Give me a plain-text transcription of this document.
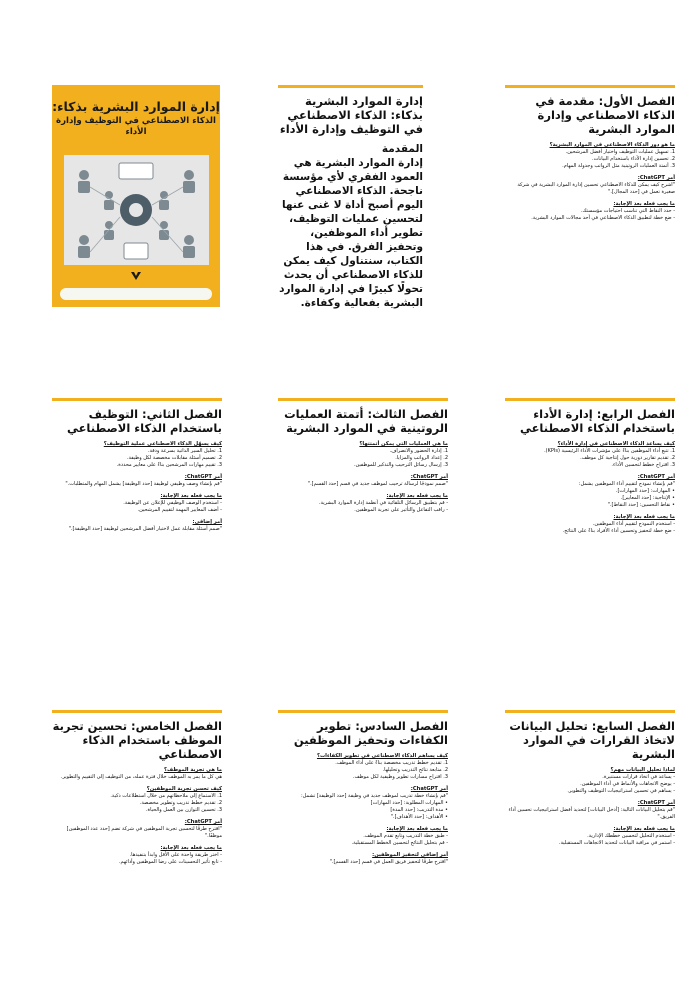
إدارة الموارد البشرية بذكاء:
الذكاء الاصطناعي في التوظيف وإدارة الأداء
إدارة الموارد البشرية بذكاء: الذكاء الاصطناعي في التوظيف وإدارة الأداء
المقدمة
إدارة الموارد البشرية هي العمود الفقري لأي مؤسسة ناجحة. الذكاء الاصطناعي اليوم أصبح أداة لا غنى عنها لتحسين عمليات التوظيف، تطوير أداء الموظفين، وتحفيز الفرق. في هذا الكتاب، سنتناول كيف يمكن للذكاء الاصطناعي أن يحدث تحولًا كبيرًا في إدارة الموارد البشرية بفعالية وكفاءة.
الفصل الأول: مقدمة في الذكاء الاصطناعي وإدارة الموارد البشرية
ما هو دور الذكاء الاصطناعي في الموارد البشرية؟
1. تسهيل عمليات التوظيف واختيار أفضل المرشحين.
2. تحسين إدارة الأداء باستخدام البيانات.
3. أتمتة العمليات الروتينية مثل الرواتب وجدولة المهام.
أمر ChatGPT:
"اشرح كيف يمكن للذكاء الاصطناعي تحسين إدارة الموارد البشرية في شركة صغيرة تعمل في [حدد المجال]."
ما يجب فعله بعد الإجابة:
- حدد النقاط التي تناسب احتياجات مؤسستك.
- ضع خطة لتطبيق الذكاء الاصطناعي في أحد مجالات الموارد البشرية.
الفصل الثاني: التوظيف باستخدام الذكاء الاصطناعي
كيف يسهّل الذكاء الاصطناعي عملية التوظيف؟
1. تحليل السير الذاتية بسرعة ودقة.
2. تصميم أسئلة مقابلات مخصصة لكل وظيفة.
3. تقييم مهارات المرشحين بناءً على معايير محددة.
أمر ChatGPT:
"قم بإنشاء وصف وظيفي لوظيفة [حدد الوظيفة] يشمل المهام والمتطلبات."
ما يجب فعله بعد الإجابة:
- استخدم الوصف الوظيفي للإعلان عن الوظيفة.
- أضف المعايير المهمة لتقييم المرشحين.
أمر إضافي:
"صمم أسئلة مقابلة عمل لاختيار أفضل المرشحين لوظيفة [حدد الوظيفة]."
الفصل الثالث: أتمتة العمليات الروتينية في الموارد البشرية
ما هي العمليات التي يمكن أتمتتها؟
1. إدارة الحضور والانصراف.
2. إعداد الرواتب والمزايا.
3. إرسال رسائل الترحيب والتذكير للموظفين.
أمر ChatGPT:
"صمم نموذجًا لرسالة ترحيب لموظف جديد في قسم [حدد القسم]."
ما يجب فعله بعد الإجابة:
- قم بتطبيق الرسائل التلقائية في أنظمة إدارة الموارد البشرية.
- راقب التفاعل والتأثير على تجربة الموظفين.
الفصل الرابع: إدارة الأداء باستخدام الذكاء الاصطناعي
كيف يساعد الذكاء الاصطناعي في إدارة الأداء؟
1. تتبع أداء الموظفين بناءً على مؤشرات الأداء الرئيسية (KPIs).
2. تقديم تقارير دورية حول إنتاجية كل موظف.
3. اقتراح خطط لتحسين الأداء.
أمر ChatGPT:
"قم بإنشاء نموذج لتقييم أداء الموظفين يشمل:
• المهارات: [حدد المهارات].
• الإنتاجية: [حدد المعايير].
• نقاط التحسين: [حدد النقاط]."
ما يجب فعله بعد الإجابة:
- استخدم النموذج لتقييم أداء الموظفين.
- ضع خطة لتحفيز وتحسين أداء الأفراد بناءً على النتائج.
الفصل الخامس: تحسين تجربة الموظف باستخدام الذكاء الاصطناعي
ما هي تجربة الموظف؟
هي كل ما يمر به الموظف خلال فترة عمله، من التوظيف إلى التقييم والتطوير.
كيف تحسن تجربة الموظفين؟
1. الاستماع إلى ملاحظاتهم من خلال استطلاعات ذكية.
2. تقديم خطط تدريب وتطوير مخصصة.
3. تحسين التوازن بين العمل والحياة.
أمر ChatGPT:
"اقترح طرقًا لتحسين تجربة الموظفين في شركة تضم [حدد عدد الموظفين] موظفًا."
ما يجب فعله بعد الإجابة:
- اختر طريقة واحدة على الأقل وابدأ بتنفيذها.
- تابع تأثير التحسينات على رضا الموظفين وأدائهم.
الفصل السادس: تطوير الكفاءات وتحفيز الموظفين
كيف يساهم الذكاء الاصطناعي في تطوير الكفاءات؟
1. تقديم خطط تدريب مخصصة بناءً على أداء الموظف.
2. متابعة نتائج التدريب وتحليلها.
3. اقتراح مسارات تطوير وظيفية لكل موظف.
أمر ChatGPT:
"قم بإنشاء خطة تدريب لموظف جديد في وظيفة [حدد الوظيفة] تشمل:
• المهارات المطلوبة: [حدد المهارات]
• مدة التدريب: [حدد المدة]
• الأهداف: [حدد الأهداف]."
ما يجب فعله بعد الإجابة:
- طبق خطة التدريب وتابع تقدم الموظف.
- قم بتحليل النتائج لتحسين الخطط المستقبلية.
أمر إضافي لتحفيز الموظفين:
"اقترح طرقًا لتحفيز فريق العمل في قسم [حدد القسم]."
الفصل السابع: تحليل البيانات لاتخاذ القرارات في الموارد البشرية
لماذا تحليل البيانات مهم؟
- يساعد في اتخاذ قرارات مستنيرة.
- يوضح الاتجاهات والأنماط في أداء الموظفين.
- يساهم في تحسين استراتيجيات التوظيف والتطوير.
أمر ChatGPT:
"قم بتحليل البيانات التالية: [أدخل البيانات] لتحديد أفضل استراتيجيات تحسين أداء الفريق."
ما يجب فعله بعد الإجابة:
- استخدم التحليل لتحسين خططك الإدارية.
- استمر في مراقبة البيانات لتحديد الاتجاهات المستقبلية.
